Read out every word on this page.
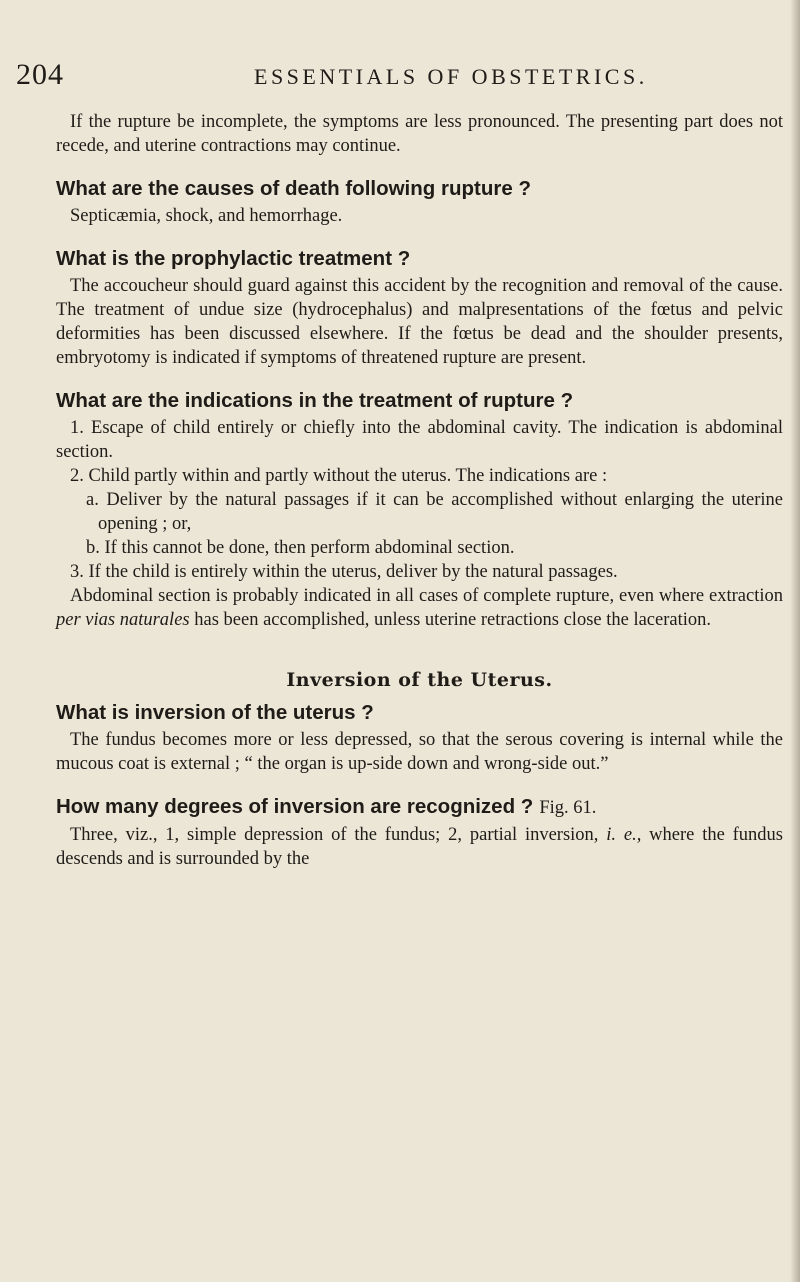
204	ESSENTIALS OF OBSTETRICS.

If the rupture be incomplete, the symptoms are less pronounced. The presenting part does not recede, and uterine contractions may continue.

What are the causes of death following rupture ?

Septicæmia, shock, and hemorrhage.

What is the prophylactic treatment ?

The accoucheur should guard against this accident by the recognition and removal of the cause. The treatment of undue size (hydrocephalus) and malpresentations of the fœtus and pelvic deformities has been discussed elsewhere. If the fœtus be dead and the shoulder presents, embryotomy is indicated if symptoms of threatened rupture are present.

What are the indications in the treatment of rupture ?

1. Escape of child entirely or chiefly into the abdominal cavity. The indication is abdominal section.

2. Child partly within and partly without the uterus. The indications are :

a. Deliver by the natural passages if it can be accomplished without enlarging the uterine opening ; or,

b. If this cannot be done, then perform abdominal section.

3. If the child is entirely within the uterus, deliver by the natural passages.

Abdominal section is probably indicated in all cases of complete rupture, even where extraction per vias naturales has been accomplished, unless uterine retractions close the laceration.

Inversion of the Uterus.
What is inversion of the uterus ?

The fundus becomes more or less depressed, so that the serous covering is internal while the mucous coat is external ; “ the organ is up-side down and wrong-side out.”

How many degrees of inversion are recognized ? Fig. 61.

Three, viz., 1, simple depression of the fundus; 2, partial inversion, i. e., where the fundus descends and is surrounded by the
